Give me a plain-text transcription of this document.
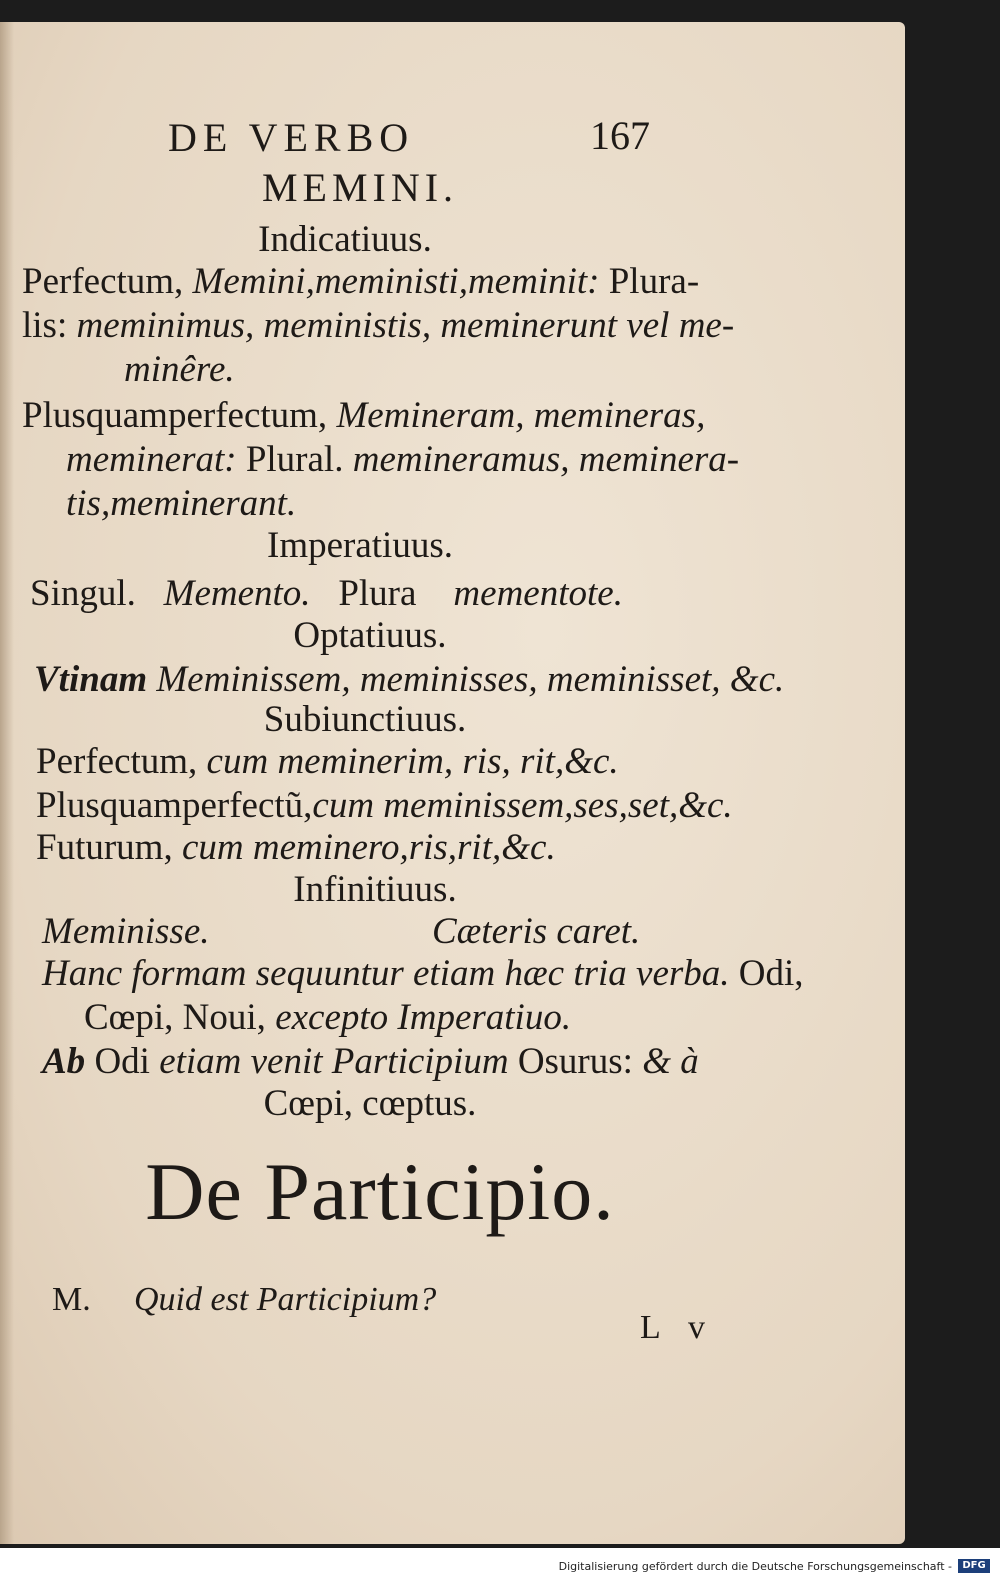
DE VERBO	167
MEMINI.
Indicatiuus.
Perfectum, Memini,meministi,meminit: Plura-
lis: meminimus, meministis, meminerunt vel me-
minêre.
Plusquamperfectum, Memineram, memineras,
meminerat: Plural. memineramus, meminera-
tis,meminerant.
Imperatiuus.
Singul. Memento. Plura mementote.
Optatiuus.
Vtinam Meminissem, meminisses, meminisset, &c.
Subiunctiuus.
Perfectum, cum meminerim, ris, rit,&c.
Plusquamperfectũ,cum meminissem,ses,set,&c.
Futurum, cum meminero,ris,rit,&c.
Infinitiuus.
Meminisse.	Cæteris caret.
Hanc formam sequuntur etiam hæc tria verba. Odi,
Cœpi, Noui, excepto Imperatiuo.
Ab Odi etiam venit Participium Osurus: & à
Cœpi, cœptus.
De Participio.
M. Quid est Participium?
L v
Digitalisierung gefördert durch die Deutsche Forschungsgemeinschaft -	DFG
